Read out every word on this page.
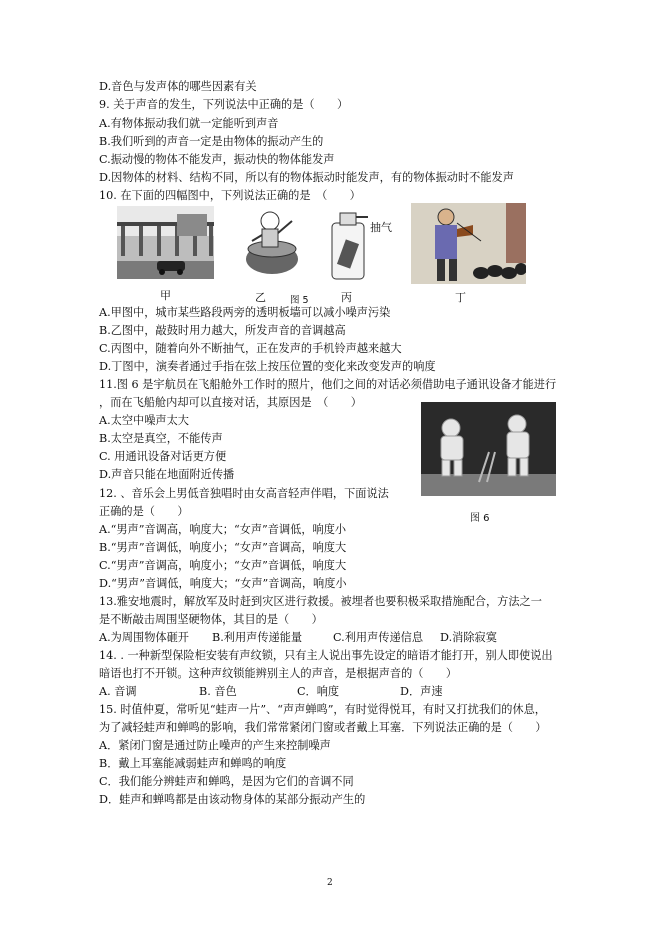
D.音色与发声体的哪些因素有关
9. 关于声音的发生，下列说法中正确的是（　　）
A.有物体振动我们就一定能听到声音
B.我们听到的声音一定是由物体的振动产生的
C.振动慢的物体不能发声，振动快的物体能发声
D.因物体的材料、结构不同，所以有的物体振动时能发声，有的物体振动时不能发声
10. 在下面的四幅图中，下列说法正确的是　（　　）
抽气
甲	乙	图 5	丙	丁
A.甲图中，城市某些路段两旁的透明板墙可以减小噪声污染
B.乙图中，敲鼓时用力越大，所发声音的音调越高
C.丙图中，随着向外不断抽气，正在发声的手机铃声越来越大
D.丁图中，演奏者通过手指在弦上按压位置的变化来改变发声的响度
11.图 6 是宇航员在飞船舱外工作时的照片，他们之间的对话必须借助电子通讯设备才能进行
，而在飞船舱内却可以直接对话，其原因是　（　　）
A.太空中噪声太大
B.太空是真空，不能传声
C. 用通讯设备对话更方便
D.声音只能在地面附近传播
12. 、音乐会上男低音独唱时由女高音轻声伴唱，下面说法
正确的是（　　）
图 6
A.“男声”音调高，响度大；“女声”音调低，响度小
B.“男声”音调低，响度小；“女声”音调高，响度大
C.“男声”音调高，响度小；“女声”音调低，响度大
D.“男声”音调低，响度大；“女声”音调高，响度小
13.雅安地震时，解放军及时赶到灾区进行救援。被埋者也要积极采取措施配合，方法之一
是不断敲击周围坚硬物体，其目的是（　　）
A.为周围物体砸开 B.利用声传递能量	C.利用声传递信息 D.消除寂寞
14. . 一种新型保险柜安装有声纹锁，只有主人说出事先设定的暗语才能打开，别人即使说出
暗语也打不开锁。这种声纹锁能辨别主人的声音，是根据声音的（　　）
A. 音调	B. 音色	C．响度	D．声速
15. 时值仲夏，常听见“蛙声一片”、“声声蝉鸣”，有时觉得悦耳，有时又打扰我们的休息，
为了减轻蛙声和蝉鸣的影响，我们常常紧闭门窗或者戴上耳塞．下列说法正确的是（　　）
A．紧闭门窗是通过防止噪声的产生来控制噪声
B．戴上耳塞能减弱蛙声和蝉鸣的响度
C．我们能分辨蛙声和蝉鸣，是因为它们的音调不同
D．蛙声和蝉鸣都是由该动物身体的某部分振动产生的
2
